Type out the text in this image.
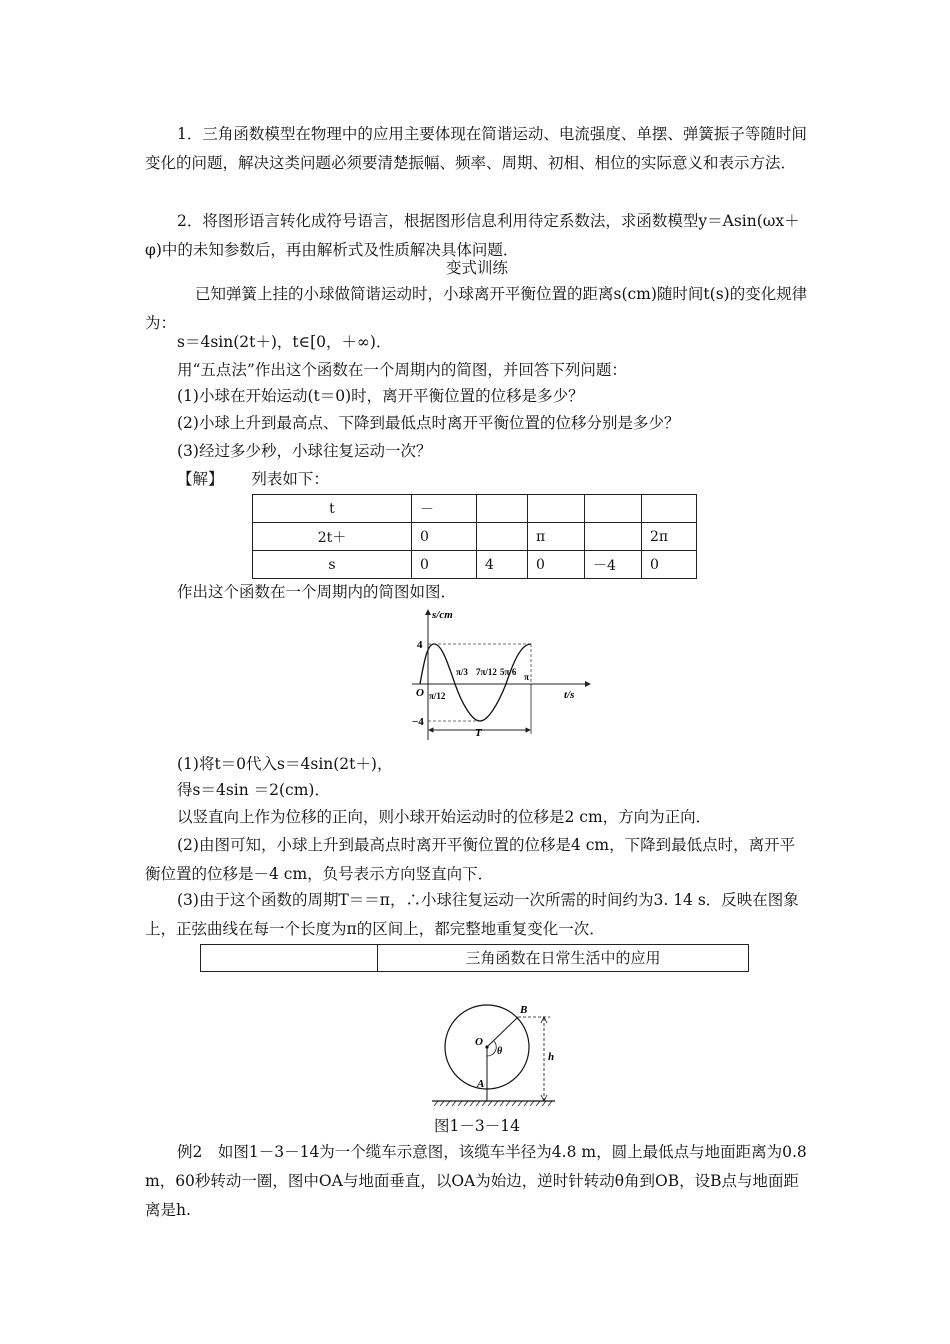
1．三角函数模型在物理中的应用主要体现在简谐运动、电流强度、单摆、弹簧振子等随时间变化的问题，解决这类问题必须要清楚振幅、频率、周期、初相、相位的实际意义和表示方法．

2．将图形语言转化成符号语言，根据图形信息利用待定系数法，求函数模型y＝Asin(ωx＋φ)中的未知参数后，再由解析式及性质解决具体问题．

变式训练

已知弹簧上挂的小球做简谐运动时，小球离开平衡位置的距离s(cm)随时间t(s)的变化规律为：

s＝4sin(2t＋)，t∈[0，＋∞)．

用“五点法”作出这个函数在一个周期内的简图，并回答下列问题：

(1)小球在开始运动(t＝0)时，离开平衡位置的位移是多少？

(2)小球上升到最高点、下降到最低点时离开平衡位置的位移分别是多少？

(3)经过多少秒，小球往复运动一次？

【解】 列表如下：

t	－				
2t＋	0		π		2π
s	0	4	0	－4	0

作出这个函数在一个周期内的简图如图．

s/cm
t/s
O
4
−4
π/12
π/3 7π/12 5π/6 π
T

(1)将t＝0代入s＝4sin(2t＋)，

得s＝4sin ＝2(cm)．

以竖直向上作为位移的正向，则小球开始运动时的位移是2 cm，方向为正向．

(2)由图可知，小球上升到最高点时离开平衡位置的位移是4 cm，下降到最低点时，离开平衡位置的位移是－4 cm，负号表示方向竖直向下．

(3)由于这个函数的周期T＝＝π，∴小球往复运动一次所需的时间约为3. 14 s．反映在图象上，正弦曲线在每一个长度为π的区间上，都完整地重复变化一次．

三角函数在日常生活中的应用
B
O
θ
A
h

图1－3－14

例2　如图1－3－14为一个缆车示意图，该缆车半径为4.8 m，圆上最低点与地面距离为0.8 m，60秒转动一圈，图中OA与地面垂直，以OA为始边，逆时针转动θ角到OB，设B点与地面距离是h.
